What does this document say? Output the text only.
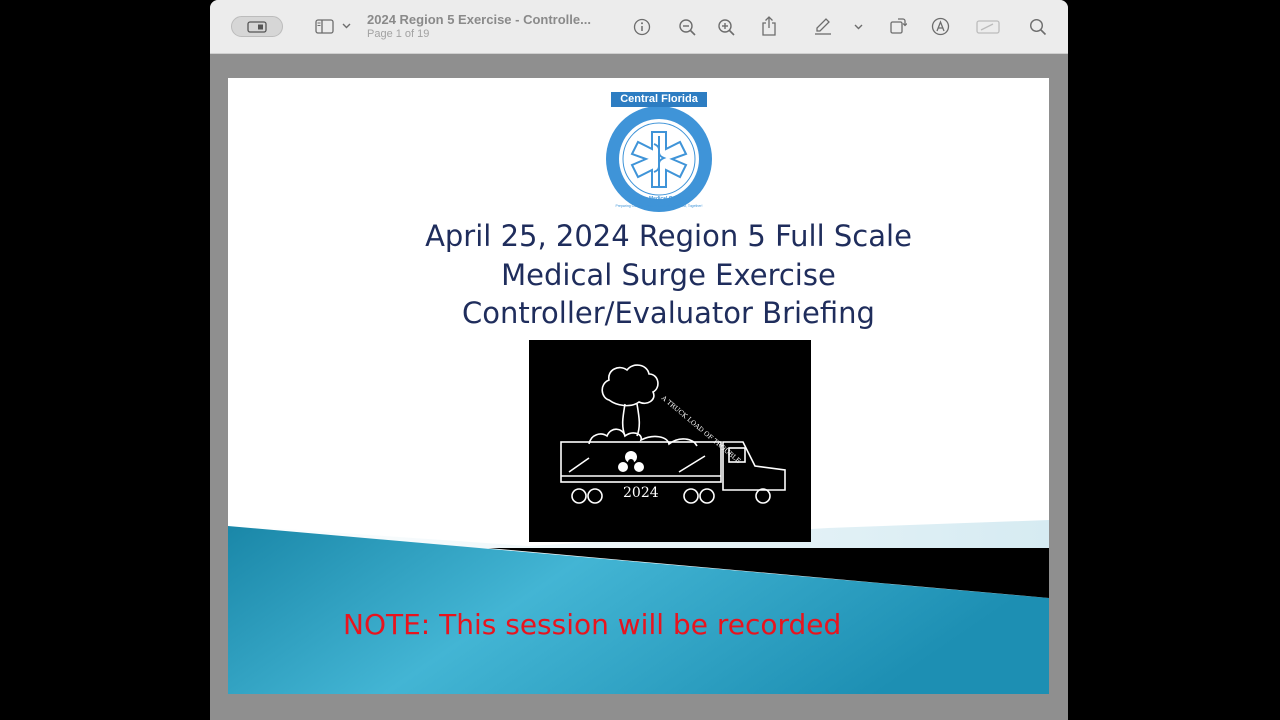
2024 Region 5 Exercise - Controlle...
Page 1 of 19
Central Florida
Disaster Medical Coalition
Preparing Central Florida's Best for the Worst, Together!
April 25, 2024 Region 5 Full Scale
Medical Surge Exercise
Controller/Evaluator Briefing
A TRUCK LOAD OF TROUBLE
2024
NOTE: This session will be recorded
